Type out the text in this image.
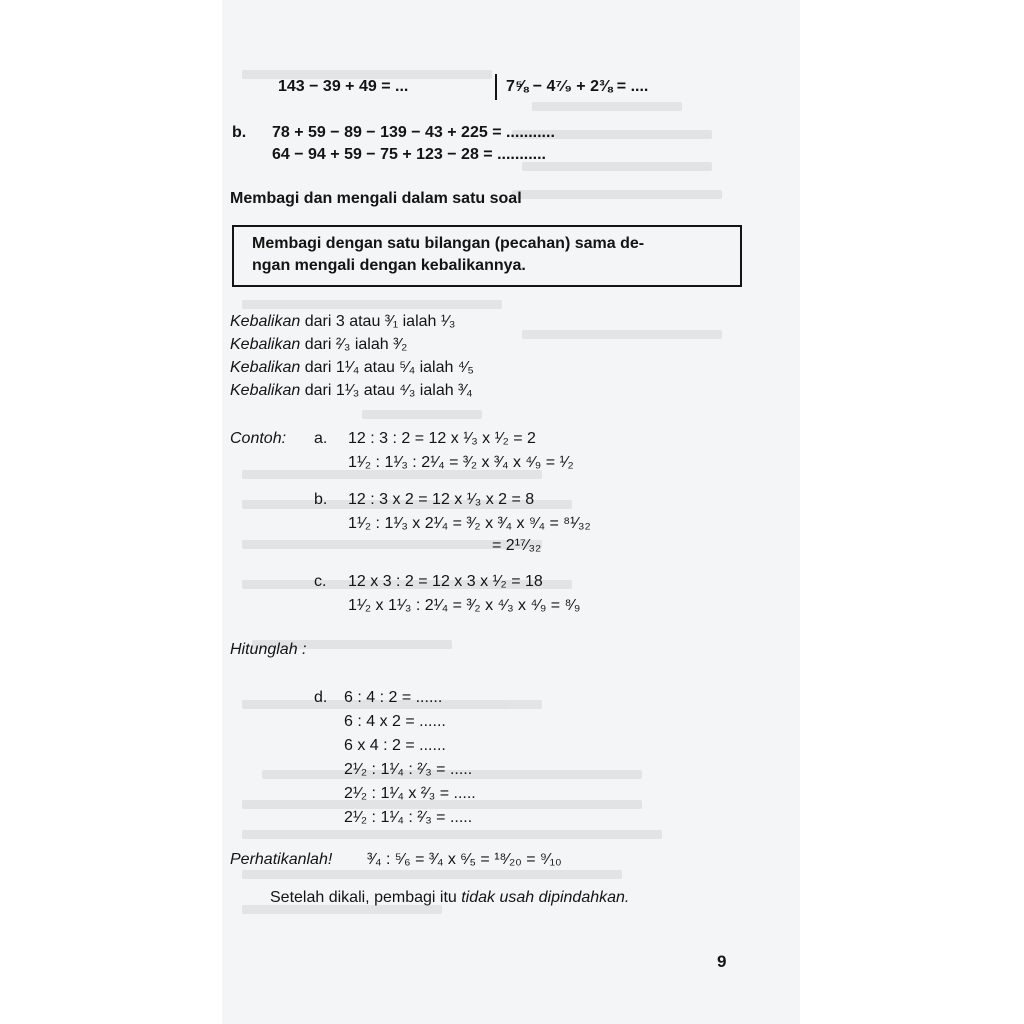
143 − 39 + 49 = ...	7⅝ − 4⁷⁄₉ + 2⅜ = ....
b. 78 + 59 − 89 − 139 − 43 + 225 = ...........
64 − 94 + 59 − 75 + 123 − 28 = ...........
Membagi dan mengali dalam satu soal
Membagi dengan satu bilangan (pecahan) sama de-
ngan mengali dengan kebalikannya.
Kebalikan dari 3 atau ³⁄₁ ialah ¹⁄₃
Kebalikan dari ²⁄₃ ialah ³⁄₂
Kebalikan dari 1¹⁄₄ atau ⁵⁄₄ ialah ⁴⁄₅
Kebalikan dari 1¹⁄₃ atau ⁴⁄₃ ialah ³⁄₄
Contoh: a. 12 : 3 : 2 = 12 x ¹⁄₃ x ¹⁄₂ = 2
1¹⁄₂ : 1¹⁄₃ : 2¹⁄₄ = ³⁄₂ x ³⁄₄ x ⁴⁄₉ = ¹⁄₂
b. 12 : 3 x 2 = 12 x ¹⁄₃ x 2 = 8
1¹⁄₂ : 1¹⁄₃ x 2¹⁄₄ = ³⁄₂ x ³⁄₄ x ⁹⁄₄ = ⁸¹⁄₃₂
= 2¹⁷⁄₃₂
c. 12 x 3 : 2 = 12 x 3 x ¹⁄₂ = 18
1¹⁄₂ x 1¹⁄₃ : 2¹⁄₄ = ³⁄₂ x ⁴⁄₃ x ⁴⁄₉ = ⁸⁄₉
Hitunglah :
d. 6 : 4 : 2 = ......
6 : 4 x 2 = ......
6 x 4 : 2 = ......
2¹⁄₂ : 1¹⁄₄ : ²⁄₃ = .....
2¹⁄₂ : 1¹⁄₄ x ²⁄₃ = .....
2¹⁄₂ : 1¹⁄₄ : ²⁄₃ = .....
Perhatikanlah! ³⁄₄ : ⁵⁄₆ = ³⁄₄ x ⁶⁄₅ = ¹⁸⁄₂₀ = ⁹⁄₁₀
Setelah dikali, pembagi itu tidak usah dipindahkan.
9
